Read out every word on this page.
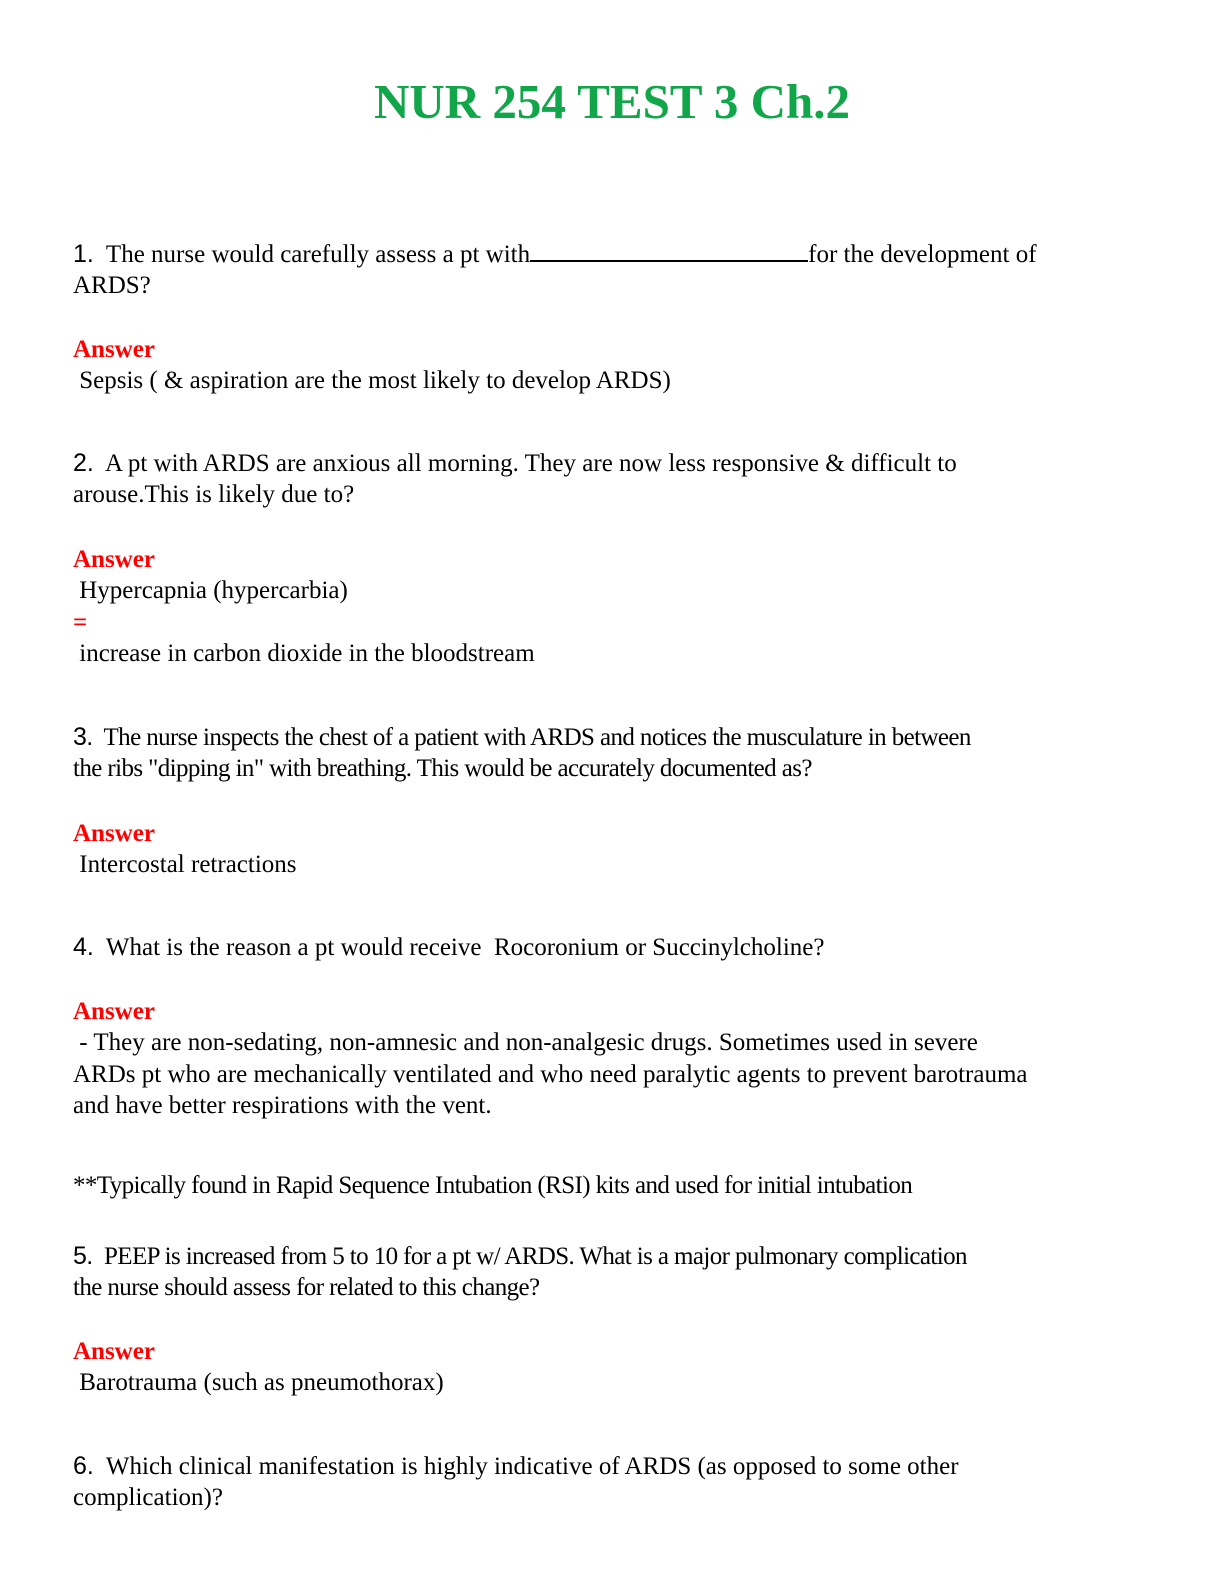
NUR 254 TEST 3 Ch.2

1. The nurse would carefully assess a pt with	for the development of
ARDS?

Answer
Sepsis ( & aspiration are the most likely to develop ARDS)

2. A pt with ARDS are anxious all morning. They are now less responsive & difficult to
arouse.This is likely due to?

Answer
Hypercapnia (hypercarbia)
=
increase in carbon dioxide in the bloodstream

3. The nurse inspects the chest of a patient with ARDS and notices the musculature in between
the ribs "dipping in" with breathing. This would be accurately documented as?

Answer
Intercostal retractions

4. What is the reason a pt would receive  Rocoronium or Succinylcholine?

Answer
- They are non-sedating, non-amnesic and non-analgesic drugs. Sometimes used in severe
ARDs pt who are mechanically ventilated and who need paralytic agents to prevent barotrauma
and have better respirations with the vent.

**Typically found in Rapid Sequence Intubation (RSI) kits and used for initial intubation

5. PEEP is increased from 5 to 10 for a pt w/ ARDS. What is a major pulmonary complication
the nurse should assess for related to this change?

Answer
Barotrauma (such as pneumothorax)

6. Which clinical manifestation is highly indicative of ARDS (as opposed to some other
complication)?
